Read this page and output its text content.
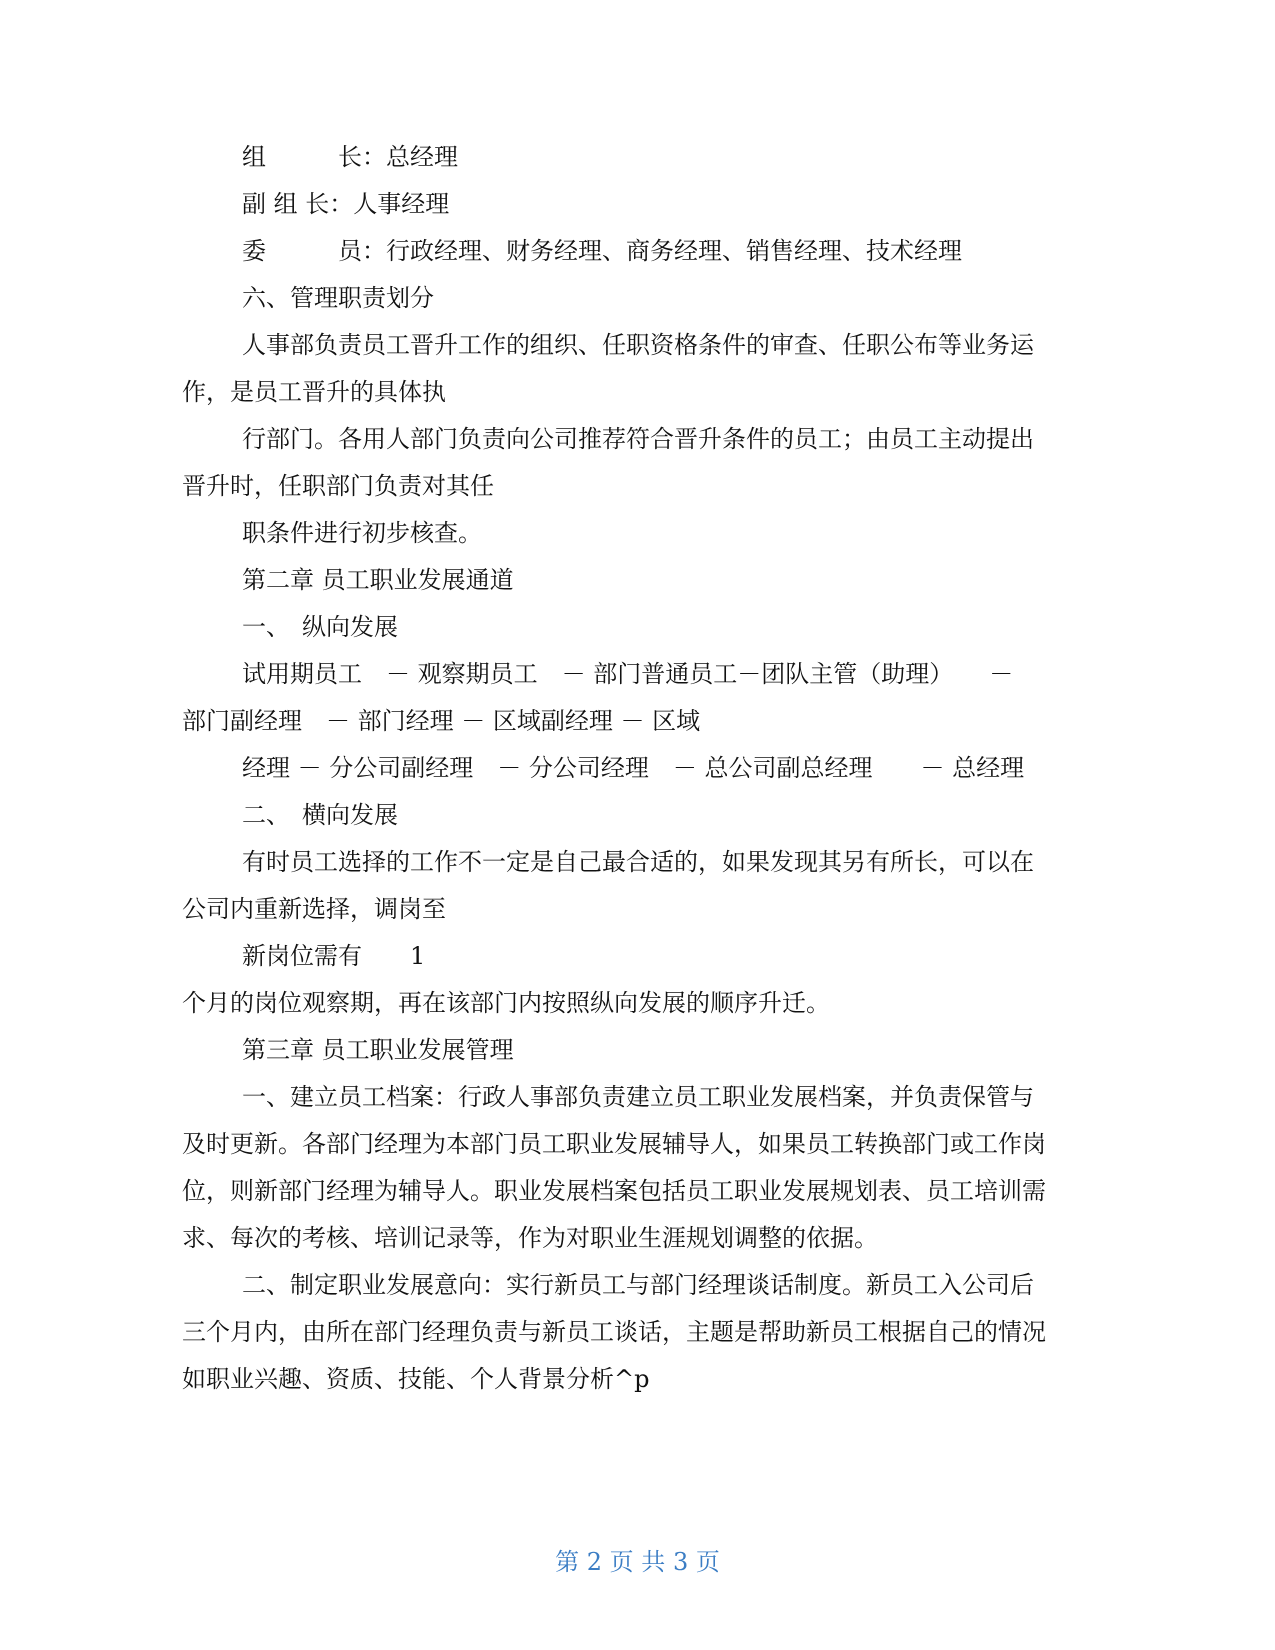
组　　　长：总经理

副 组 长：人事经理

委　　　员：行政经理、财务经理、商务经理、销售经理、技术经理

六、管理职责划分

人事部负责员工晋升工作的组织、任职资格条件的审查、任职公布等业务运

作，是员工晋升的具体执

行部门。各用人部门负责向公司推荐符合晋升条件的员工；由员工主动提出

晋升时，任职部门负责对其任

职条件进行初步核查。

第二章 员工职业发展通道

一、　纵向发展

试用期员工　－ 观察期员工　－ 部门普通员工－团队主管（助理）　　－

部门副经理　－ 部门经理 － 区域副经理 － 区域

经理 － 分公司副经理　－ 分公司经理　－ 总公司副总经理　　－ 总经理

二、　横向发展

有时员工选择的工作不一定是自己最合适的，如果发现其另有所长，可以在

公司内重新选择，调岗至

新岗位需有　　1

个月的岗位观察期，再在该部门内按照纵向发展的顺序升迁。

第三章 员工职业发展管理

一、建立员工档案：行政人事部负责建立员工职业发展档案，并负责保管与

及时更新。各部门经理为本部门员工职业发展辅导人，如果员工转换部门或工作岗

位，则新部门经理为辅导人。职业发展档案包括员工职业发展规划表、员工培训需

求、每次的考核、培训记录等，作为对职业生涯规划调整的依据。

二、制定职业发展意向：实行新员工与部门经理谈话制度。新员工入公司后

三个月内，由所在部门经理负责与新员工谈话，主题是帮助新员工根据自己的情况

如职业兴趣、资质、技能、个人背景分析^p

第 2 页 共 3 页
